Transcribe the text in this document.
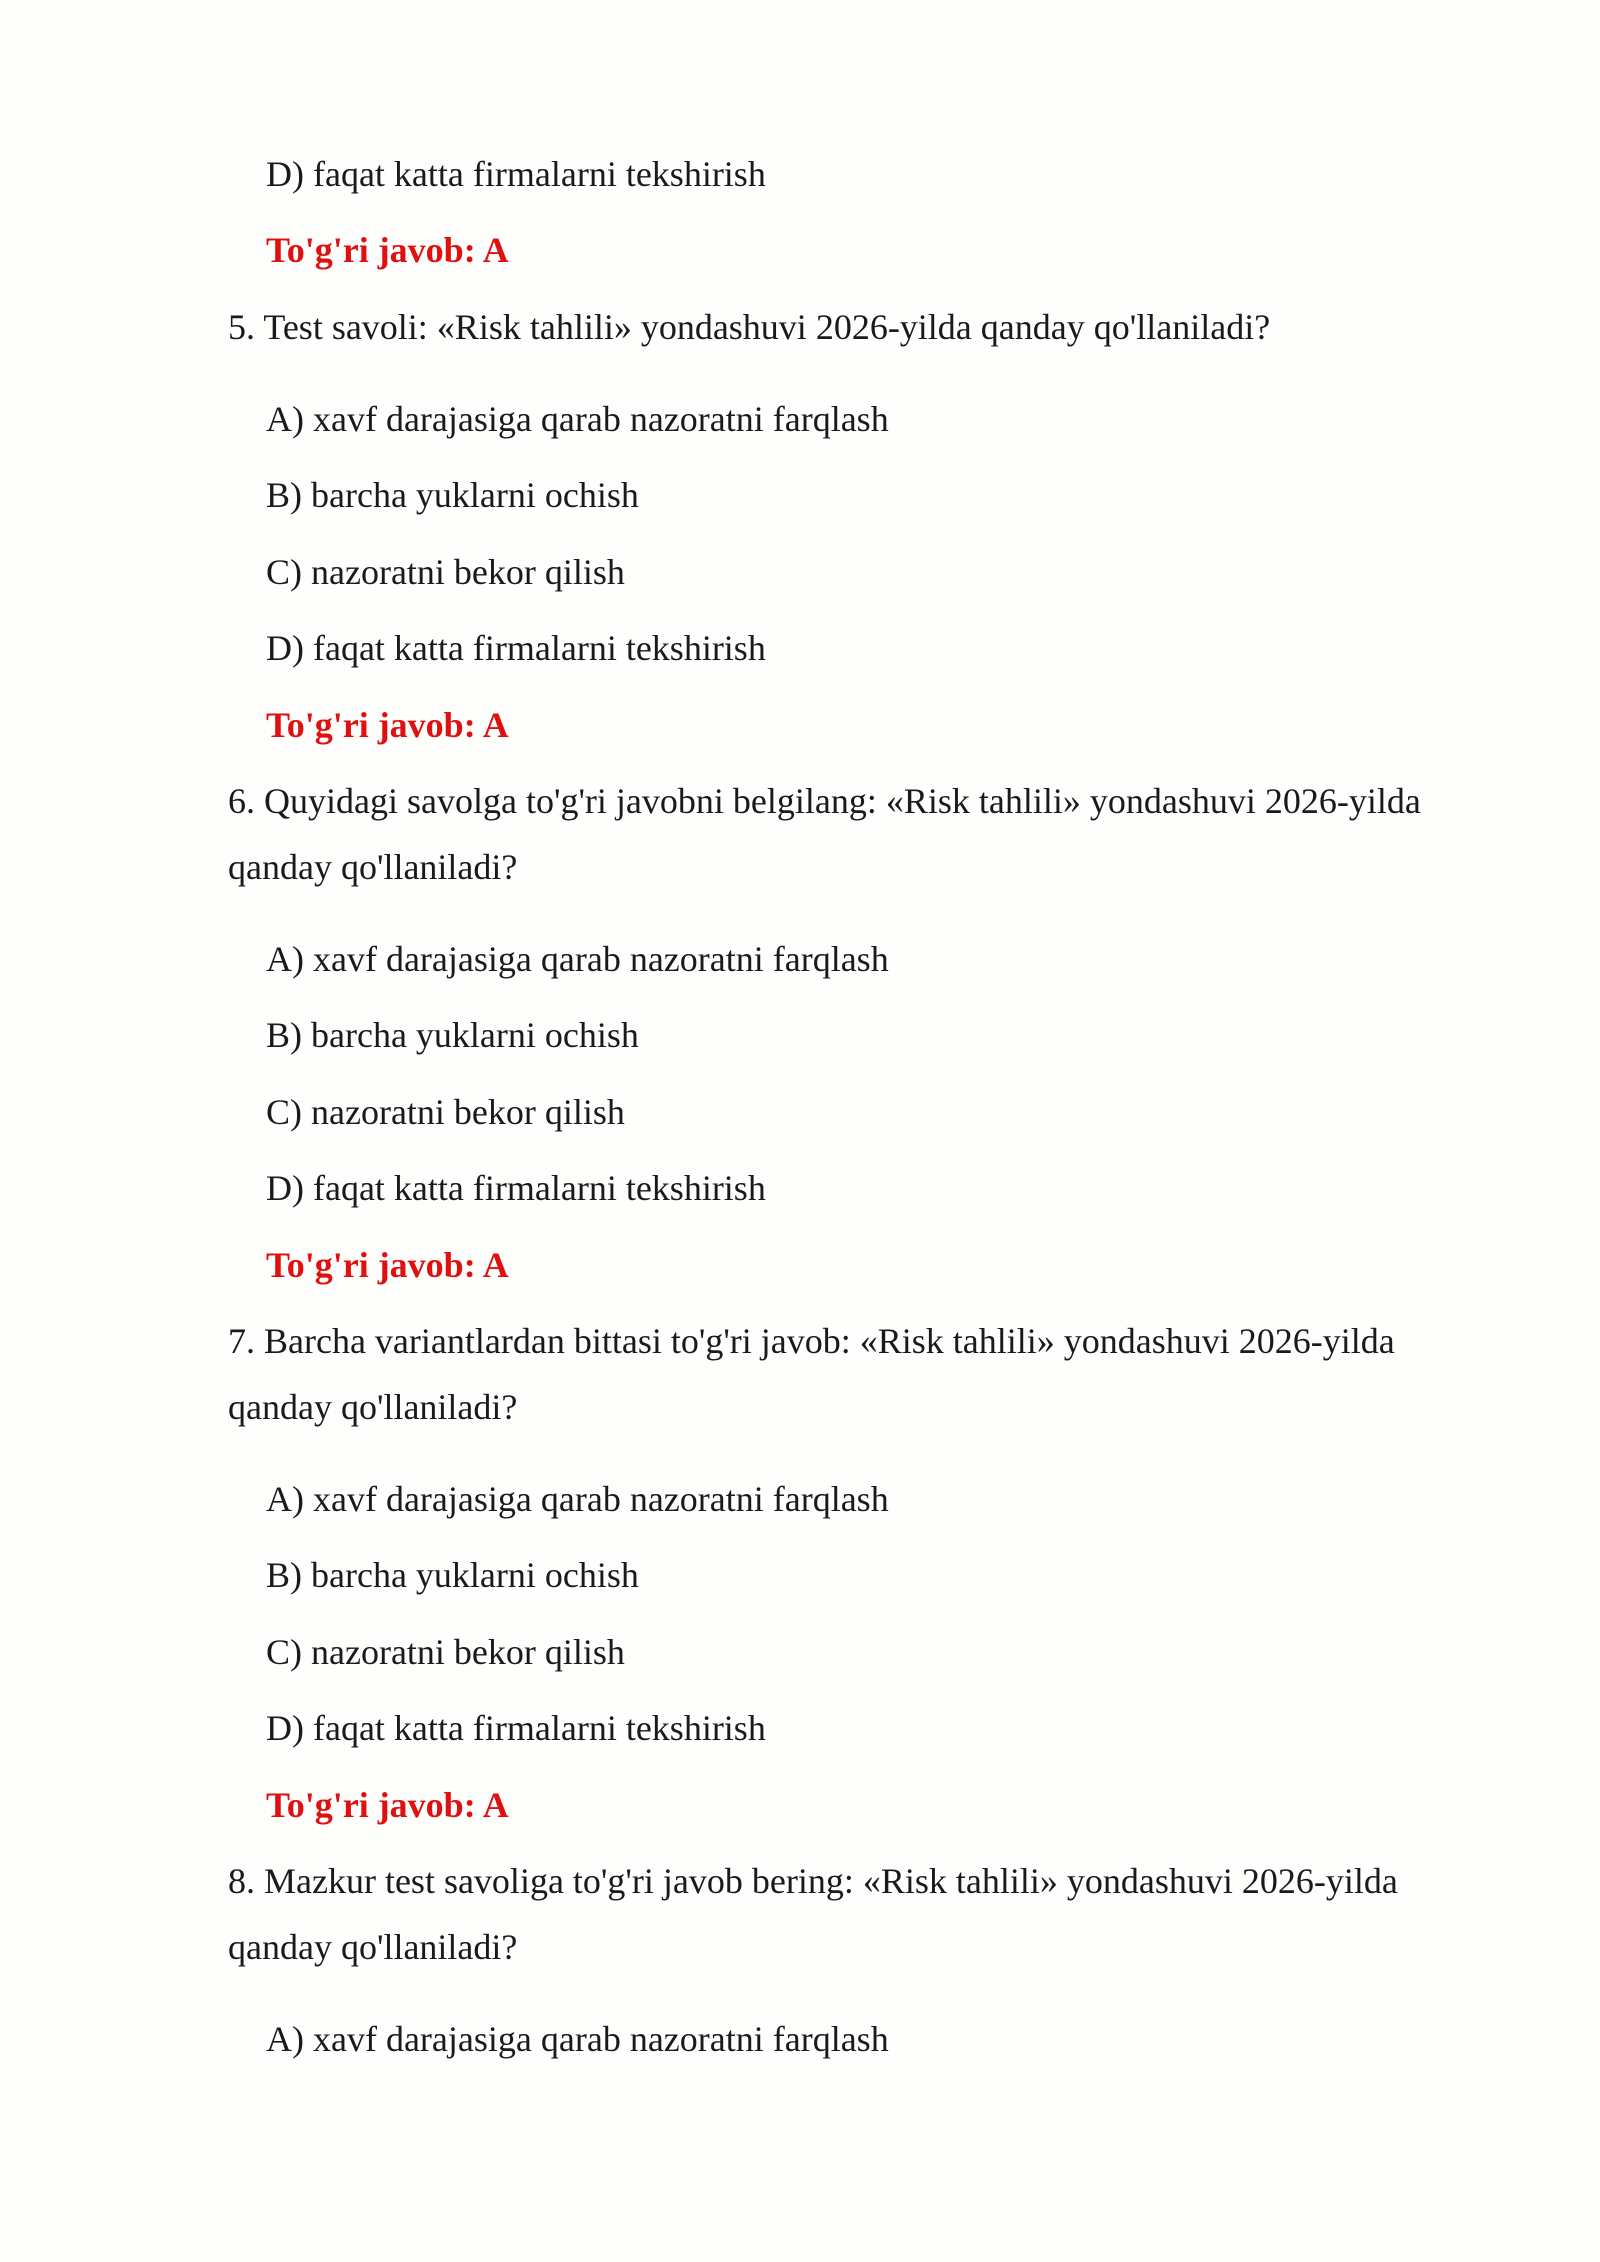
D) faqat katta firmalarni tekshirish
To'g'ri javob: A
5. Test savoli: «Risk tahlili» yondashuvi 2026-yilda qanday qo'llaniladi?
A) xavf darajasiga qarab nazoratni farqlash
B) barcha yuklarni ochish
C) nazoratni bekor qilish
D) faqat katta firmalarni tekshirish
To'g'ri javob: A
6. Quyidagi savolga to'g'ri javobni belgilang: «Risk tahlili» yondashuvi 2026-yilda
qanday qo'llaniladi?
A) xavf darajasiga qarab nazoratni farqlash
B) barcha yuklarni ochish
C) nazoratni bekor qilish
D) faqat katta firmalarni tekshirish
To'g'ri javob: A
7. Barcha variantlardan bittasi to'g'ri javob: «Risk tahlili» yondashuvi 2026-yilda
qanday qo'llaniladi?
A) xavf darajasiga qarab nazoratni farqlash
B) barcha yuklarni ochish
C) nazoratni bekor qilish
D) faqat katta firmalarni tekshirish
To'g'ri javob: A
8. Mazkur test savoliga to'g'ri javob bering: «Risk tahlili» yondashuvi 2026-yilda
qanday qo'llaniladi?
A) xavf darajasiga qarab nazoratni farqlash
